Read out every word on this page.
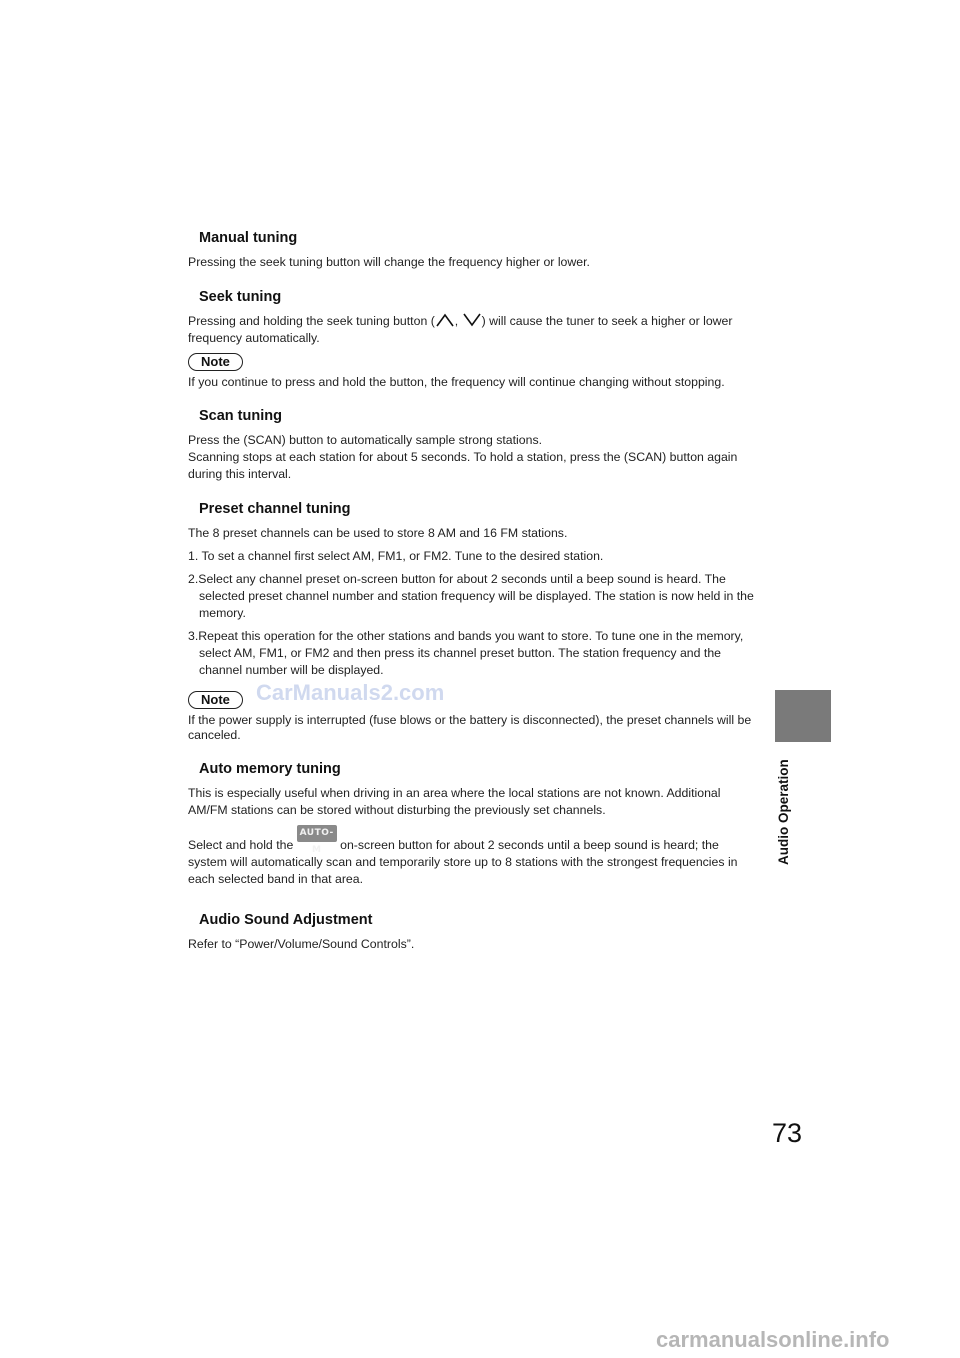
Manual tuning

Pressing the seek tuning button will change the frequency higher or lower.

Seek tuning

Pressing and holding the seek tuning button ( , ) will cause the tuner to seek a higher or lower frequency automatically.

Note

If you continue to press and hold the button, the frequency will continue changing without stopping.

Scan tuning

Press the (SCAN) button to automatically sample strong stations.

Scanning stops at each station for about 5 seconds. To hold a station, press the (SCAN) button again during this interval.

Preset channel tuning

The 8 preset channels can be used to store 8 AM and 16 FM stations.

1. To set a channel first select AM, FM1, or FM2. Tune to the desired station.

2.Select any channel preset on-screen button for about 2 seconds until a beep sound is heard. The selected preset channel number and station frequency will be displayed. The station is now held in the memory.

3.Repeat this operation for the other stations and bands you want to store. To tune one in the memory, select AM, FM1, or FM2 and then press its channel preset button. The station frequency and the channel number will be displayed.

Note

If the power supply is interrupted (fuse blows or the battery is disconnected), the preset channels will be canceled.

Auto memory tuning

This is especially useful when driving in an area where the local stations are not known. Additional AM/FM stations can be stored without disturbing the previously set channels.

Select and hold the AUTO-M on-screen button for about 2 seconds until a beep sound is heard; the system will automatically scan and temporarily store up to 8 stations with the strongest frequencies in each selected band in that area.

Audio Sound Adjustment

Refer to “Power/Volume/Sound Controls”.

Audio Operation
73
CarManuals2.com
carmanualsonline.info
